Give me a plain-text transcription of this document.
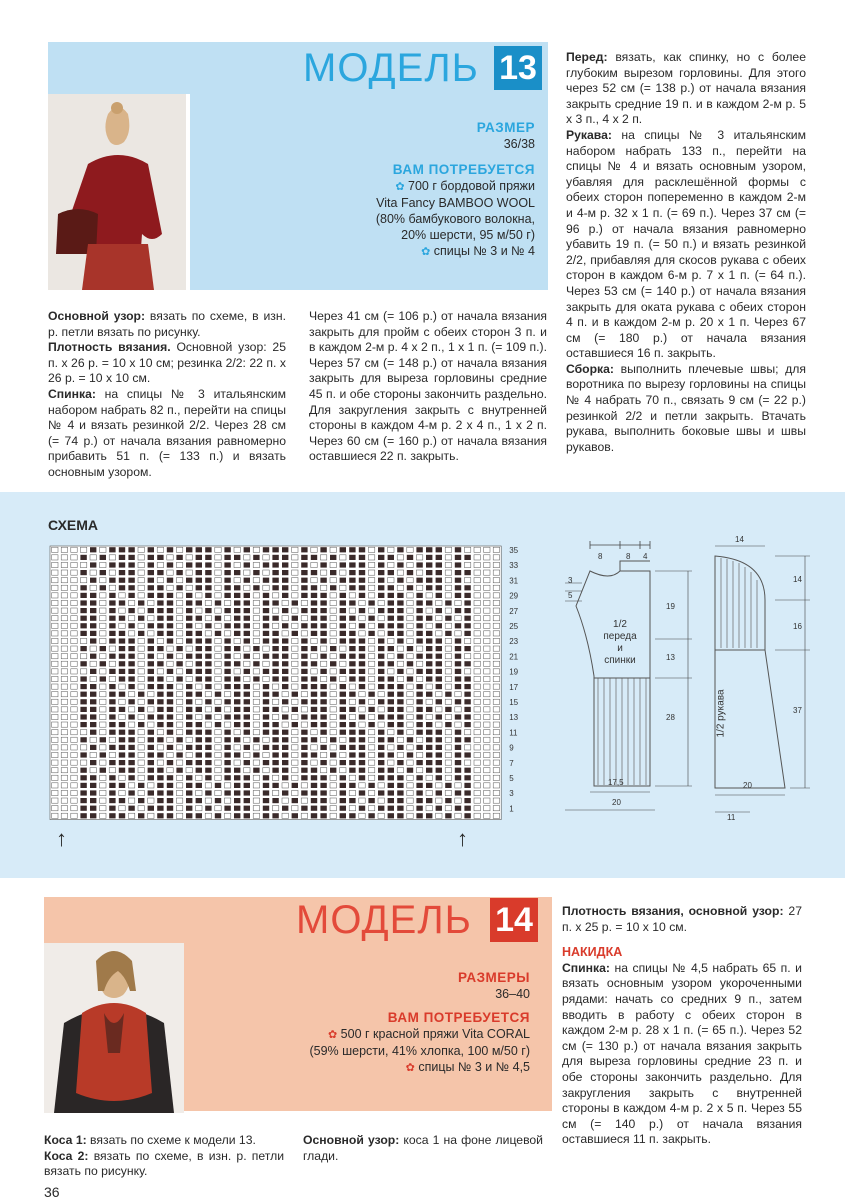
МОДЕЛЬ 13
РАЗМЕР
36/38
ВАМ ПОТРЕБУЕТСЯ
✿ 700 г бордовой пряжи
Vita Fancy BAMBOO WOOL
(80% бамбукового волокна,
20% шерсти, 95 м/50 г)
✿ спицы № 3 и № 4

Основной узор: вязать по схеме, в изн. р. петли вязать по рисунку.

Плотность вязания. Основной узор: 25 п. х 26 р. = 10 х 10 см; резинка 2/2: 22 п. х 26 р. = 10 х 10 см.

Спинка: на спицы № 3 итальянским набором набрать 82 п., перейти на спицы № 4 и вязать резинкой 2/2. Через 28 см (= 74 р.) от начала вязания равномерно прибавить 51 п. (= 133 п.) и вязать основным узором.

Через 41 см (= 106 р.) от начала вязания закрыть для пройм с обеих сторон 3 п. и в каждом 2-м р. 4 х 2 п., 1 х 1 п. (= 109 п.). Через 57 см (= 148 р.) от начала вязания закрыть для выреза горловины средние 45 п. и обе стороны закончить раздельно. Для закругления закрыть с внутренней стороны в каждом 4-м р. 2 х 4 п., 1 х 2 п. Через 60 см (= 160 р.) от начала вязания оставшиеся 22 п. закрыть.

Перед: вязать, как спинку, но с более глубоким вырезом горловины. Для этого через 52 см (= 138 р.) от начала вязания закрыть средние 19 п. и в каждом 2-м р. 5 х 3 п., 4 х 2 п.

Рукава: на спицы № 3 итальянским набором набрать 133 п., перейти на спицы № 4 и вязать основным узором, убавляя для расклешённой формы с обеих сторон попеременно в каждом 2-м и 4-м р. 32 х 1 п. (= 69 п.). Через 37 см (= 96 р.) от начала вязания равномерно убавить 19 п. (= 50 п.) и вязать резинкой 2/2, прибавляя для скосов рукава с обеих сторон в каждом 6-м р. 7 х 1 п. (= 64 п.). Через 53 см (= 140 р.) от начала вязания закрыть для оката рукава с обеих сторон 4 п. и в каждом 2-м р. 20 х 1 п. Через 67 см (= 180 р.) от начала вязания оставшиеся 16 п. закрыть.

Сборка: выполнить плечевые швы; для воротника по вырезу горловины на спицы № 4 набрать 70 п., связать 9 см (= 22 р.) резинкой 2/2 и петли закрыть. Втачать рукава, выполнить боковые швы и швы рукавов.

СХЕМА
35
33
31
29
27
25
23
21
19
17
15
13
11
9
7
5
3
1
↑	↑
8	8 4
3
5
19
13
28
1/2
переда
и
спинки
17,5
20
14
14
16
37
1/2 рукава
20
11
МОДЕЛЬ 14
РАЗМЕРЫ
36–40
ВАМ ПОТРЕБУЕТСЯ
✿ 500 г красной пряжи Vita CORAL
(59% шерсти, 41% хлопка, 100 м/50 г)
✿ спицы № 3 и № 4,5

Коса 1: вязать по схеме к модели 13.

Коса 2: вязать по схеме, в изн. р. петли вязать по рисунку.

Основной узор: коса 1 на фоне лицевой глади.

Плотность вязания, основной узор: 27 п. х 25 р. = 10 х 10 см.

НАКИДКА

Спинка: на спицы № 4,5 набрать 65 п. и вязать основным узором укороченными рядами: начать со средних 9 п., затем вводить в работу с обеих сторон в каждом 2-м р. 28 х 1 п. (= 65 п.). Через 52 см (= 130 р.) от начала вязания закрыть для выреза горловины средние 23 п. и обе стороны закончить раздельно. Для закругления закрыть с внутренней стороны в каждом 4-м р. 2 х 5 п. Через 55 см (= 140 р.) от начала вязания оставшиеся 11 п. закрыть.

36
